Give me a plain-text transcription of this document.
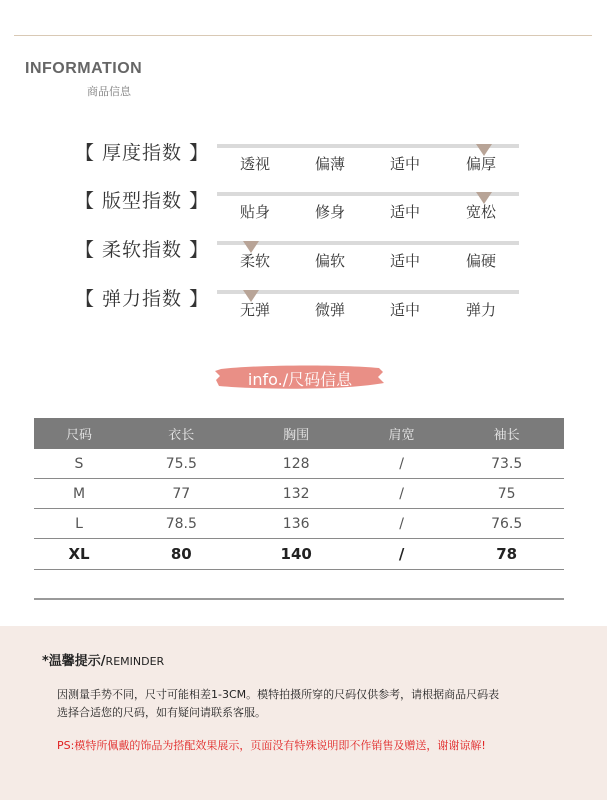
INFORMATION
商品信息
【 厚度指数 】 透视	偏薄	适中	偏厚
【 版型指数 】 贴身	修身	适中	宽松
【 柔软指数 】 柔软	偏软	适中	偏硬
【 弹力指数 】 无弹	微弹	适中	弹力
info./尺码信息
尺码	衣长	胸围	肩宽	袖长
S	75.5	128	/	73.5
M	77	132	/	75
L	78.5	136	/	76.5
XL	80	140	/	78

*温馨提示/REMINDER
因测量手势不同，尺寸可能相差1-3CM。模特拍摄所穿的尺码仅供参考，请根据商品尺码表
选择合适您的尺码，如有疑问请联系客服。
PS:模特所佩戴的饰品为搭配效果展示，页面没有特殊说明即不作销售及赠送，谢谢谅解!
